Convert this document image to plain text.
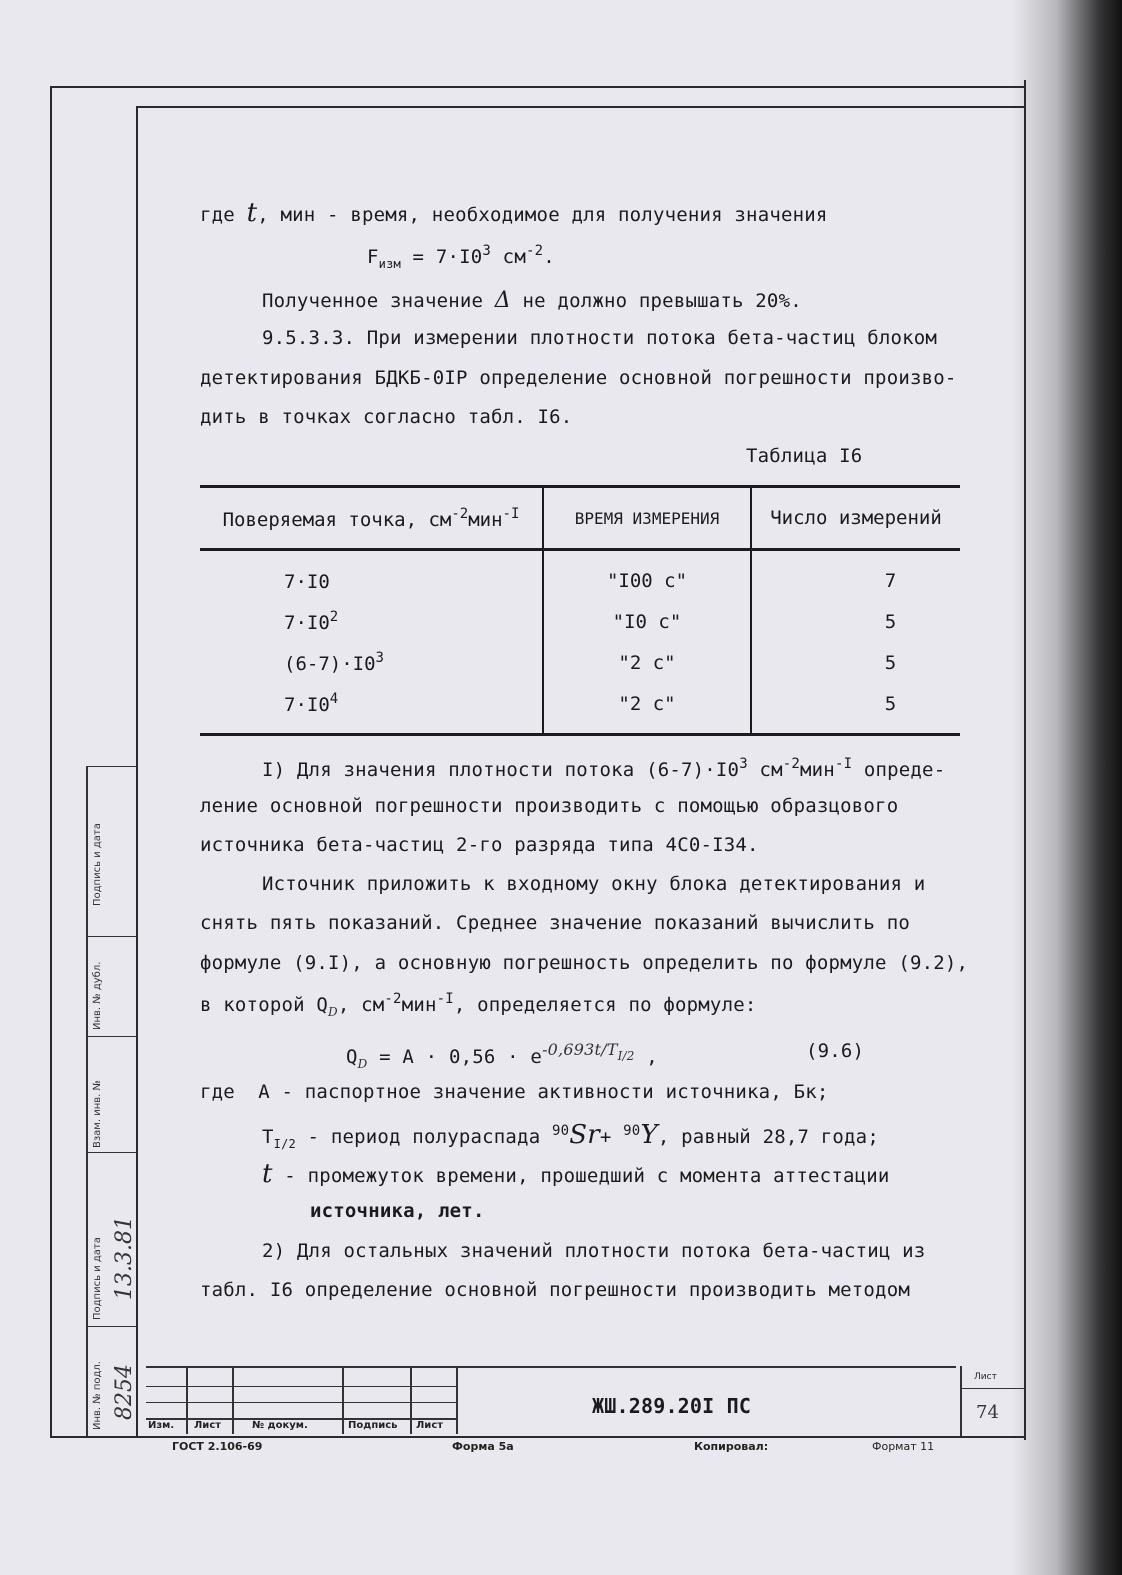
где t, мин - время, необходимое для получения значения
$F_{изм} = 7\cdot I0^3$ $см^{-2}$.
Полученное значение Δ не должно превышать 20%.
9.5.3.3. При измерении плотности потока бета-частиц блоком
детектирования БДКБ-0IР определение основной погрешности произво-
дить в точках согласно табл. I6.
Таблица I6
Поверяемая точка, $см^{-2}мин^{-I}$	ВРЕМЯ ИЗМЕРЕНИЯ	Число измерений
7·I0	"I00 с"	7
$7\cdot I0^2$	"I0 с"	5
$(6-7)\cdot I0^3$	"2 с"	5
$7\cdot I0^4$	"2 с"	5
I) Для значения плотности потока $(6-7)\cdot I0^3$ $см^{-2}мин^{-I}$ опреде-
ление основной погрешности производить с помощью образцового
источника бета-частиц 2-го разряда типа 4С0-I34.
Источник приложить к входному окну блока детектирования и
снять пять показаний. Среднее значение показаний вычислить по
формуле (9.I), а основную погрешность определить по формуле (9.2),
в которой $Q_D$, $см^{-2}мин^{-I}$, определяется по формуле:
$Q_D = A \cdot 0,56 \cdot e^{-0,693t/T_{I/2}}$ ,	(9.6)
где A - паспортное значение активности источника, Бк;
$T_{I/2}$ - период полураспада $^{90}$Sr+ $^{90}$Y, равный 28,7 года;
t - промежуток времени, прошедший с момента аттестации
источника, лет.
2) Для остальных значений плотности потока бета-частиц из
табл. I6 определение основной погрешности производить методом
Подпись и дата
Инв. № дубл.
Взам. инв. №
Подпись и дата
Инв. № подл.
13.3.81
8254
Изм. Лист	№ докум.	Подпись Лист
ЖШ.289.20I ПС
Лист
74
ГОСТ 2.106-69	Форма 5а	Копировал:	Формат 11
